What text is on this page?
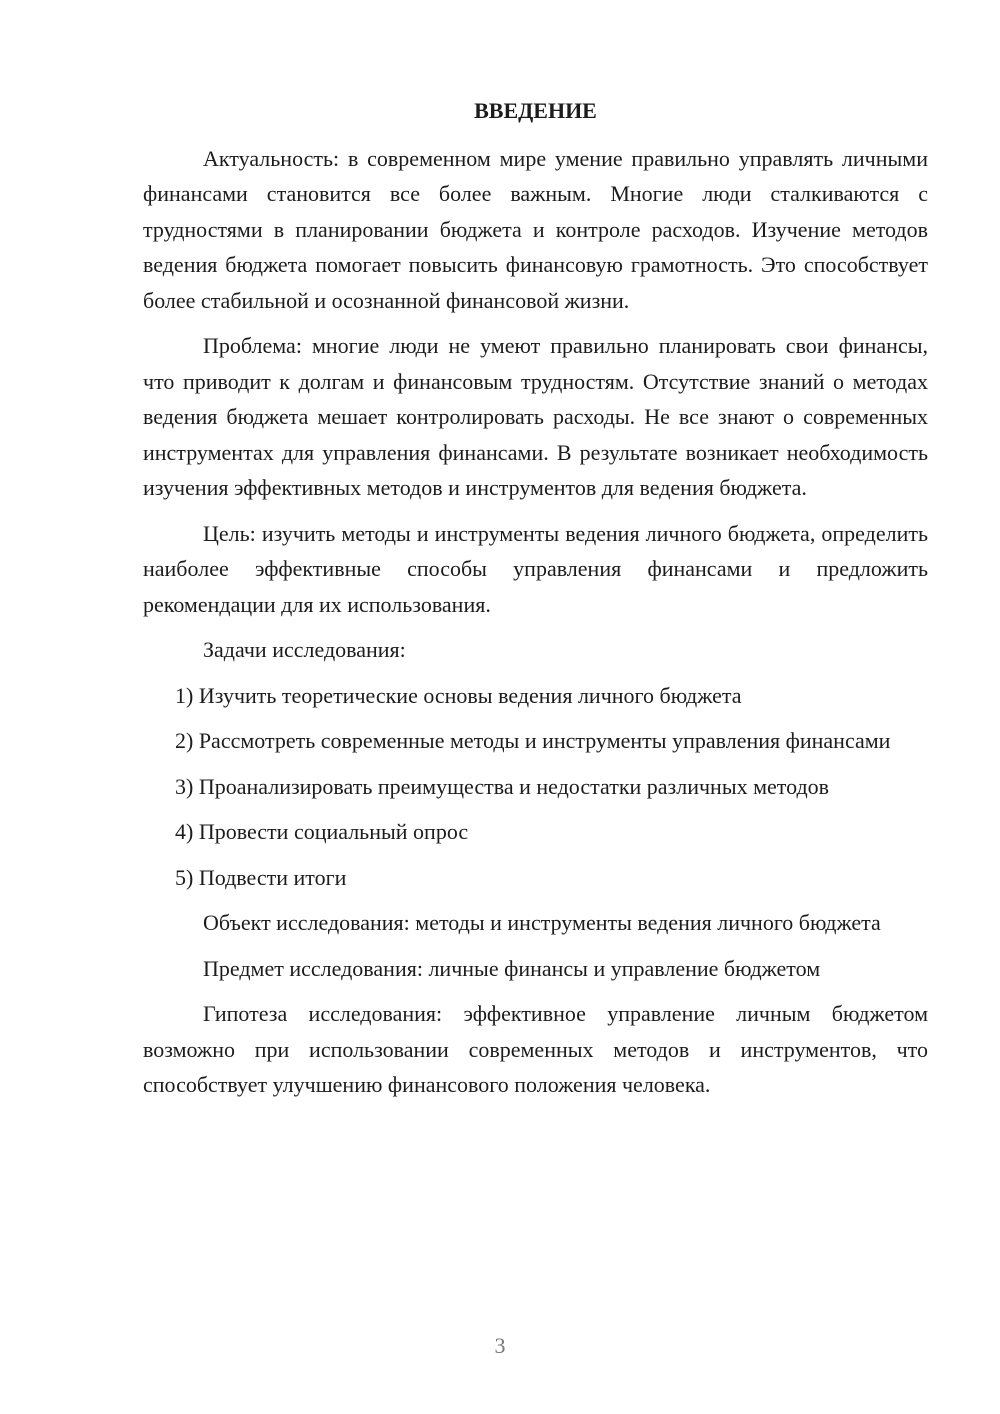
ВВЕДЕНИЕ

Актуальность: в современном мире умение правильно управлять личными финансами становится все более важным. Многие люди сталкиваются с трудностями в планировании бюджета и контроле расходов. Изучение методов ведения бюджета помогает повысить финансовую грамотность. Это способствует более стабильной и осознанной финансовой жизни.

Проблема: многие люди не умеют правильно планировать свои финансы, что приводит к долгам и финансовым трудностям. Отсутствие знаний о методах ведения бюджета мешает контролировать расходы. Не все знают о современных инструментах для управления финансами. В результате возникает необходимость изучения эффективных методов и инструментов для ведения бюджета.

Цель: изучить методы и инструменты ведения личного бюджета, определить наиболее эффективные способы управления финансами и предложить рекомендации для их использования.

Задачи исследования:

1) Изучить теоретические основы ведения личного бюджета

2) Рассмотреть современные методы и инструменты управления финансами

3) Проанализировать преимущества и недостатки различных методов

4) Провести социальный опрос

5) Подвести итоги

Объект исследования: методы и инструменты ведения личного бюджета

Предмет исследования: личные финансы и управление бюджетом

Гипотеза исследования: эффективное управление личным бюджетом возможно при использовании современных методов и инструментов, что способствует улучшению финансового положения человека.

3
